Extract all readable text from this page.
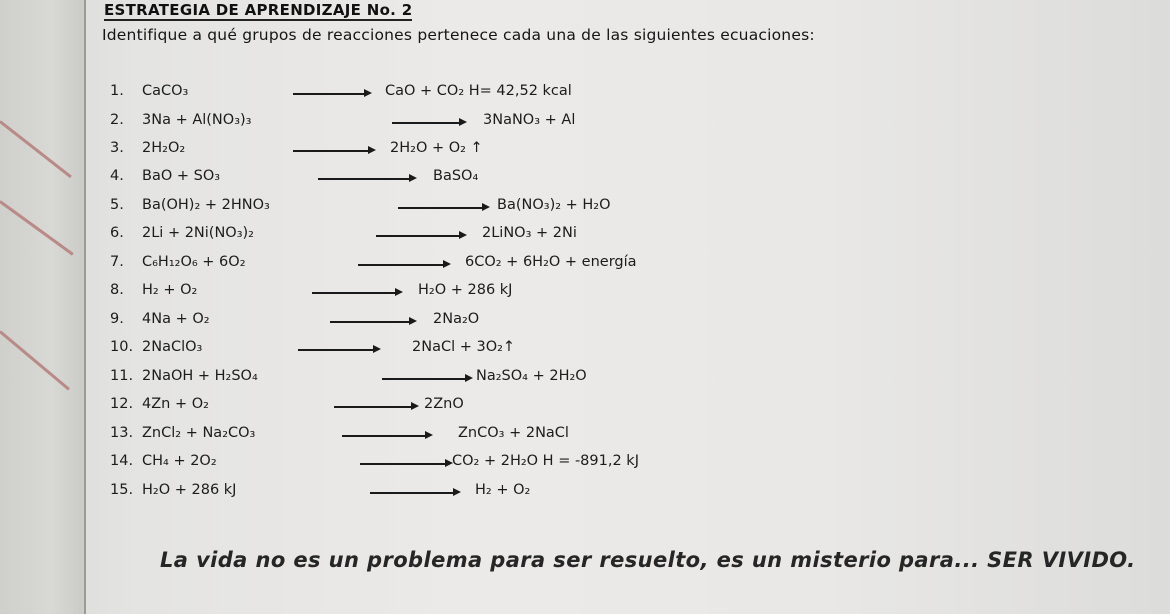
ESTRATEGIA DE APRENDIZAJE No. 2
Identifique a qué grupos de reacciones pertenece cada una de las siguientes ecuaciones:
1. CaCO₃	CaO + CO₂ H= 42,52 kcal
2. 3Na + Al(NO₃)₃	3NaNO₃ + Al
3. 2H₂O₂	2H₂O + O₂ ↑
4. BaO + SO₃	BaSO₄
5. Ba(OH)₂ + 2HNO₃	Ba(NO₃)₂ + H₂O
6. 2Li + 2Ni(NO₃)₂	2LiNO₃ + 2Ni
7. C₆H₁₂O₆ + 6O₂	6CO₂ + 6H₂O + energía
8. H₂ + O₂	H₂O + 286 kJ
9. 4Na + O₂	2Na₂O
10. 2NaClO₃	2NaCl + 3O₂↑
11. 2NaOH + H₂SO₄	Na₂SO₄ + 2H₂O
12. 4Zn + O₂	2ZnO
13. ZnCl₂ + Na₂CO₃	ZnCO₃ + 2NaCl
14. CH₄ + 2O₂	CO₂ + 2H₂O H = -891,2 kJ
15. H₂O + 286 kJ	H₂ + O₂
La vida no es un problema para ser resuelto, es un misterio para... SER VIVIDO.
